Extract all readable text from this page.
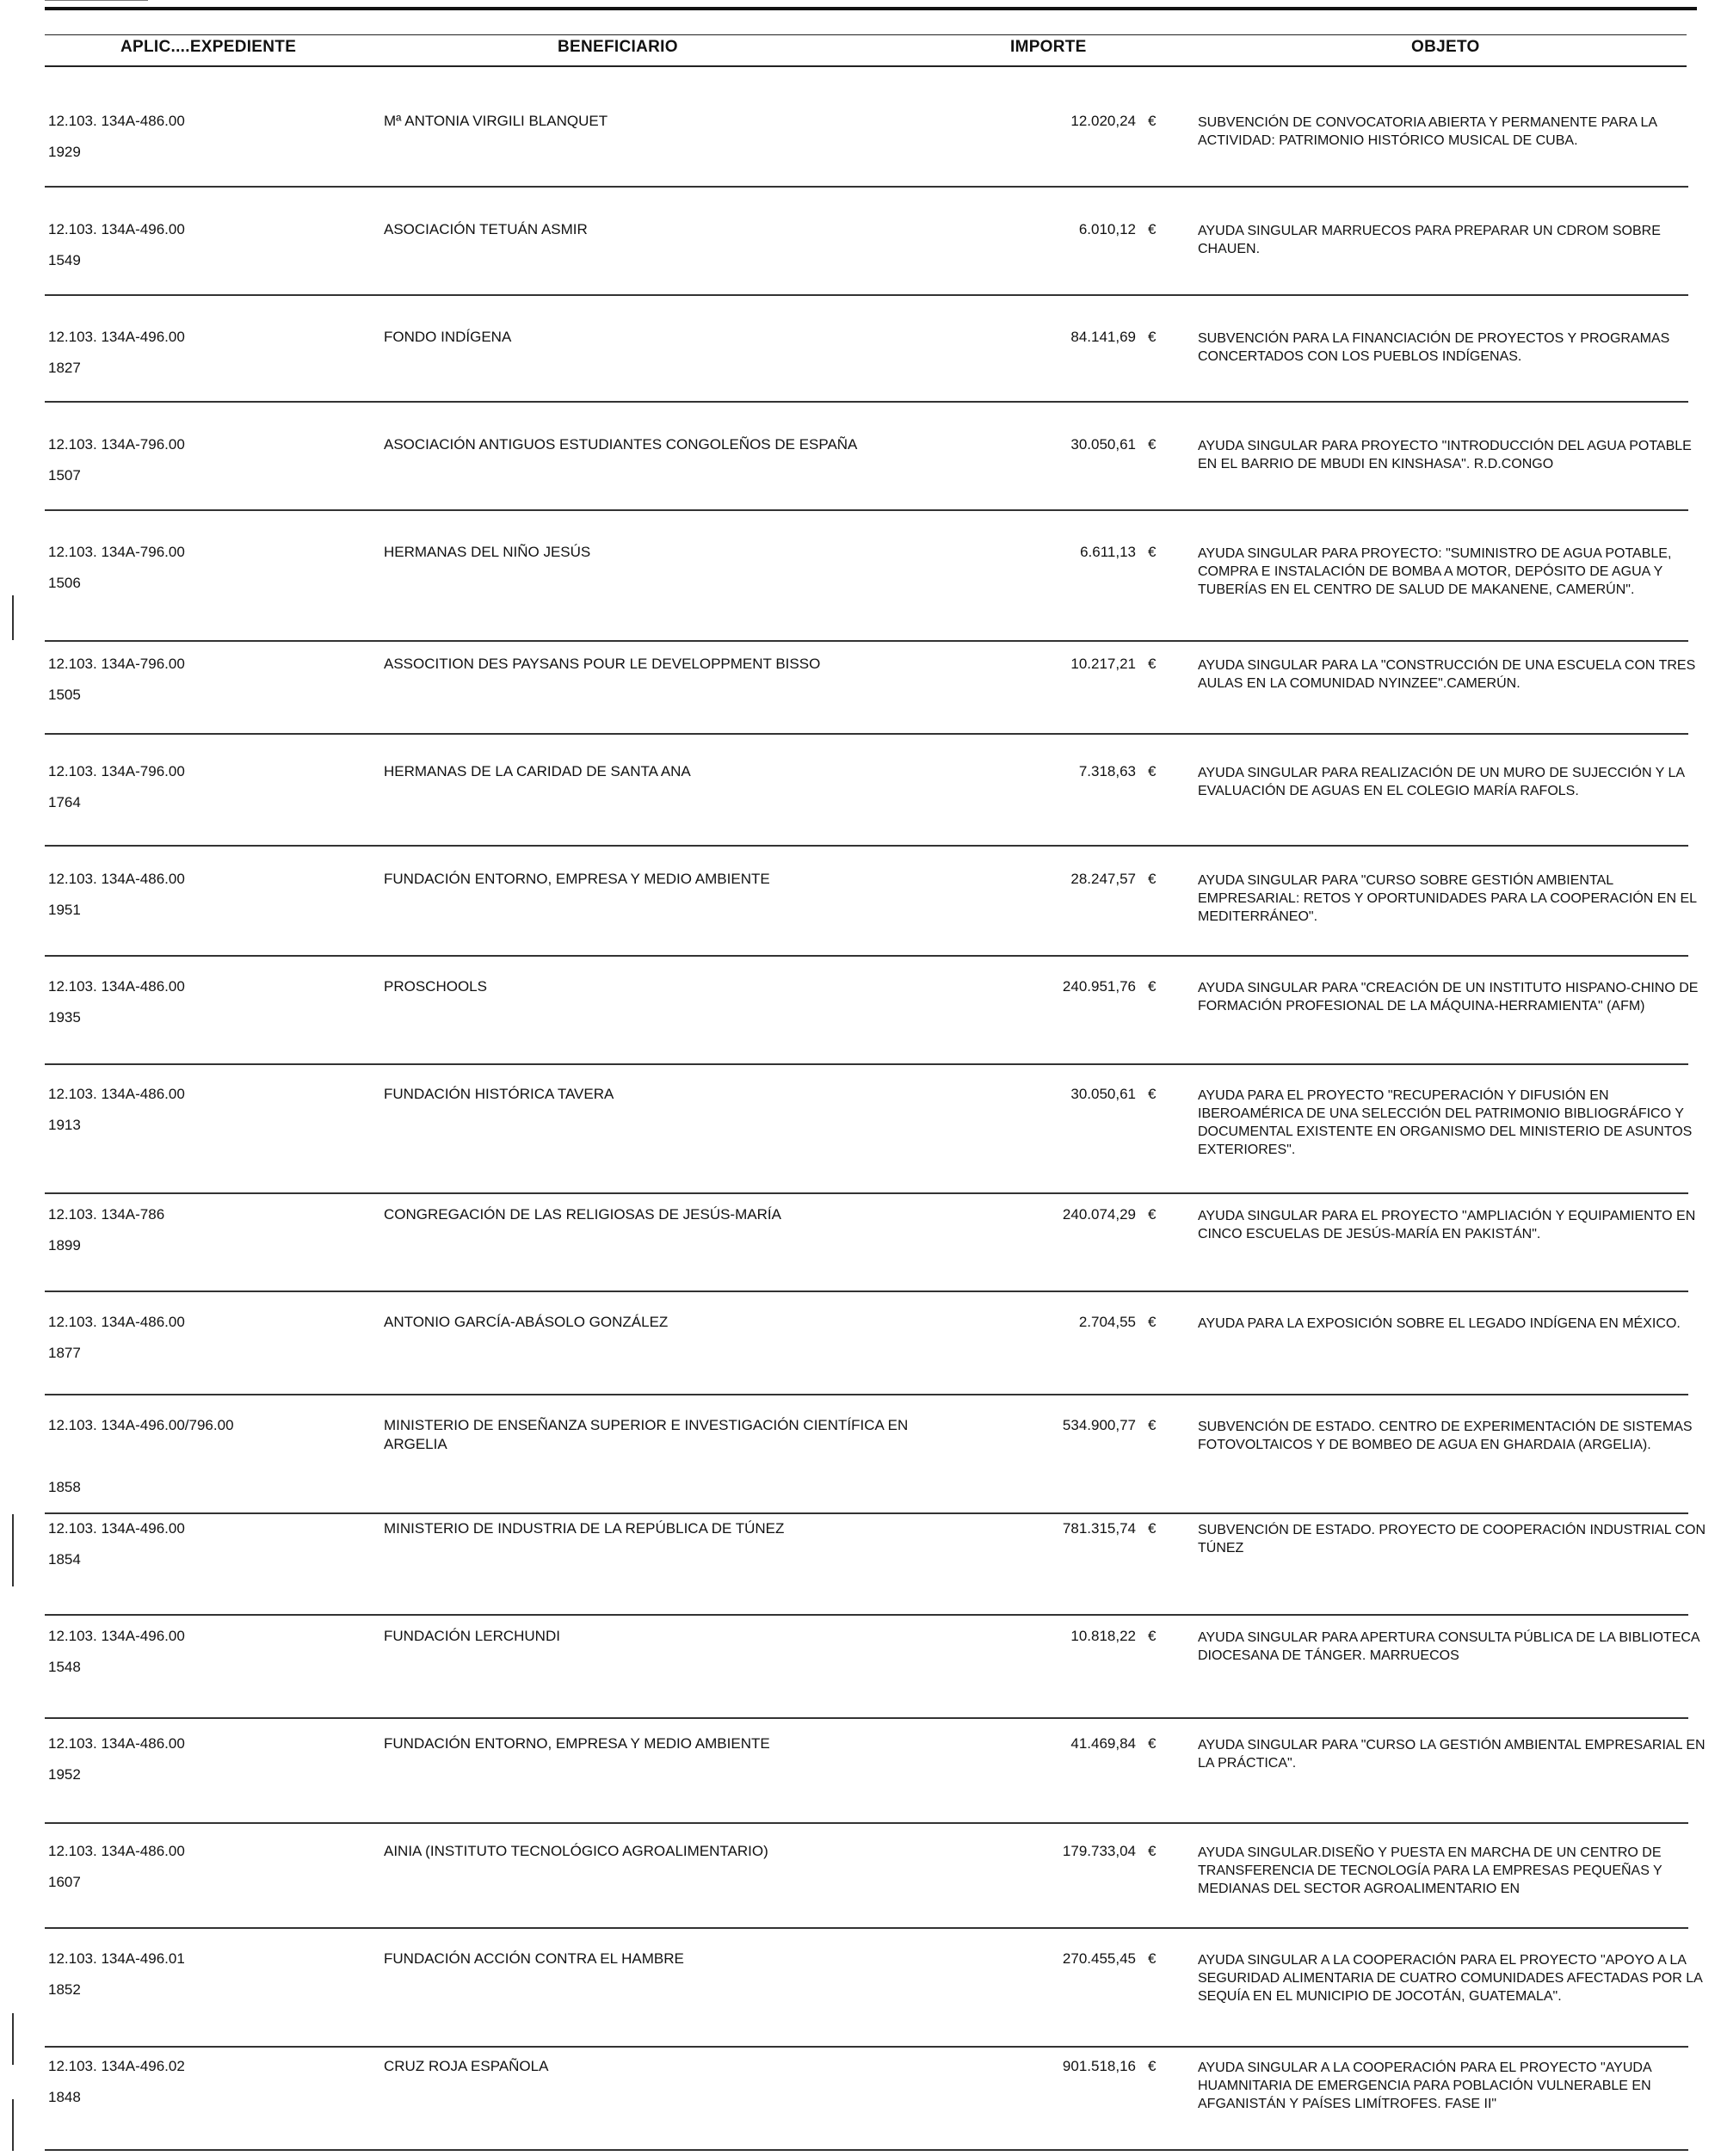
APLIC....EXPEDIENTE	BENEFICIARIO	IMPORTE	OBJETO
12.103. 134A-486.00
1929
Mª ANTONIA VIRGILI BLANQUET	12.020,24 €	SUBVENCIÓN DE CONVOCATORIA ABIERTA Y PERMANENTE PARA LA ACTIVIDAD: PATRIMONIO HISTÓRICO MUSICAL DE CUBA.
12.103. 134A-496.00
1549
ASOCIACIÓN TETUÁN ASMIR	6.010,12 €	AYUDA SINGULAR MARRUECOS PARA PREPARAR UN CDROM SOBRE CHAUEN.
12.103. 134A-496.00
1827
FONDO INDÍGENA	84.141,69 €	SUBVENCIÓN PARA LA FINANCIACIÓN DE PROYECTOS Y PROGRAMAS CONCERTADOS CON LOS PUEBLOS INDÍGENAS.
12.103. 134A-796.00
1507
ASOCIACIÓN ANTIGUOS ESTUDIANTES CONGOLEÑOS DE ESPAÑA	30.050,61 €	AYUDA SINGULAR PARA PROYECTO "INTRODUCCIÓN DEL AGUA POTABLE EN EL BARRIO DE MBUDI EN KINSHASA". R.D.CONGO
12.103. 134A-796.00
1506
HERMANAS DEL NIÑO JESÚS	6.611,13 €	AYUDA SINGULAR PARA PROYECTO: "SUMINISTRO DE AGUA POTABLE, COMPRA E INSTALACIÓN DE BOMBA A MOTOR, DEPÓSITO DE AGUA Y TUBERÍAS EN EL CENTRO DE SALUD DE MAKANENE, CAMERÚN".
12.103. 134A-796.00
1505
ASSOCITION DES PAYSANS POUR LE DEVELOPPMENT BISSO	10.217,21 €	AYUDA SINGULAR PARA LA "CONSTRUCCIÓN DE UNA ESCUELA CON TRES AULAS EN LA COMUNIDAD NYINZEE".CAMERÚN.
12.103. 134A-796.00
1764
HERMANAS DE LA CARIDAD DE SANTA ANA	7.318,63 €	AYUDA SINGULAR PARA REALIZACIÓN DE UN MURO DE SUJECCIÓN Y LA EVALUACIÓN DE AGUAS EN EL COLEGIO MARÍA RAFOLS.
12.103. 134A-486.00
1951
FUNDACIÓN ENTORNO, EMPRESA Y MEDIO AMBIENTE	28.247,57 €	AYUDA SINGULAR PARA "CURSO SOBRE GESTIÓN AMBIENTAL EMPRESARIAL: RETOS Y OPORTUNIDADES PARA LA COOPERACIÓN EN EL MEDITERRÁNEO".
12.103. 134A-486.00
1935
PROSCHOOLS	240.951,76 €	AYUDA SINGULAR PARA "CREACIÓN DE UN INSTITUTO HISPANO-CHINO DE FORMACIÓN PROFESIONAL DE LA MÁQUINA-HERRAMIENTA" (AFM)
12.103. 134A-486.00
1913
FUNDACIÓN HISTÓRICA TAVERA	30.050,61 €	AYUDA PARA EL PROYECTO "RECUPERACIÓN Y DIFUSIÓN EN IBEROAMÉRICA DE UNA SELECCIÓN DEL PATRIMONIO BIBLIOGRÁFICO Y DOCUMENTAL EXISTENTE EN ORGANISMO DEL MINISTERIO DE ASUNTOS EXTERIORES".
12.103. 134A-786
1899
CONGREGACIÓN DE LAS RELIGIOSAS DE JESÚS-MARÍA	240.074,29 €	AYUDA SINGULAR PARA EL PROYECTO "AMPLIACIÓN Y EQUIPAMIENTO EN CINCO ESCUELAS DE JESÚS-MARÍA EN PAKISTÁN".
12.103. 134A-486.00
1877
ANTONIO GARCÍA-ABÁSOLO GONZÁLEZ	2.704,55 €	AYUDA PARA LA EXPOSICIÓN SOBRE EL LEGADO INDÍGENA EN MÉXICO.
12.103. 134A-496.00/796.00
1858
MINISTERIO DE ENSEÑANZA SUPERIOR E INVESTIGACIÓN CIENTÍFICA EN ARGELIA
534.900,77 €	SUBVENCIÓN DE ESTADO. CENTRO DE EXPERIMENTACIÓN DE SISTEMAS FOTOVOLTAICOS Y DE BOMBEO DE AGUA EN GHARDAIA (ARGELIA).
12.103. 134A-496.00
1854
MINISTERIO DE INDUSTRIA DE LA REPÚBLICA DE TÚNEZ	781.315,74 €	SUBVENCIÓN DE ESTADO. PROYECTO DE COOPERACIÓN INDUSTRIAL CON TÚNEZ
12.103. 134A-496.00
1548
FUNDACIÓN LERCHUNDI	10.818,22 €	AYUDA SINGULAR PARA APERTURA CONSULTA PÚBLICA DE LA BIBLIOTECA DIOCESANA DE TÁNGER. MARRUECOS
12.103. 134A-486.00
1952
FUNDACIÓN ENTORNO, EMPRESA Y MEDIO AMBIENTE	41.469,84 €	AYUDA SINGULAR PARA "CURSO LA GESTIÓN AMBIENTAL EMPRESARIAL EN LA PRÁCTICA".
12.103. 134A-486.00
1607
AINIA (INSTITUTO TECNOLÓGICO AGROALIMENTARIO)	179.733,04 €	AYUDA SINGULAR.DISEÑO Y PUESTA EN MARCHA DE UN CENTRO DE TRANSFERENCIA DE TECNOLOGÍA PARA LA EMPRESAS PEQUEÑAS Y MEDIANAS DEL SECTOR AGROALIMENTARIO EN
12.103. 134A-496.01
1852
FUNDACIÓN ACCIÓN CONTRA EL HAMBRE	270.455,45 €	AYUDA SINGULAR A LA COOPERACIÓN PARA EL PROYECTO "APOYO A LA SEGURIDAD ALIMENTARIA DE CUATRO COMUNIDADES AFECTADAS POR LA SEQUÍA EN EL MUNICIPIO DE JOCOTÁN, GUATEMALA".
12.103. 134A-496.02
1848
CRUZ ROJA ESPAÑOLA	901.518,16 €	AYUDA SINGULAR A LA COOPERACIÓN PARA EL PROYECTO "AYUDA HUAMNITARIA DE EMERGENCIA PARA POBLACIÓN VULNERABLE EN AFGANISTÁN Y PAÍSES LIMÍTROFES. FASE II"
